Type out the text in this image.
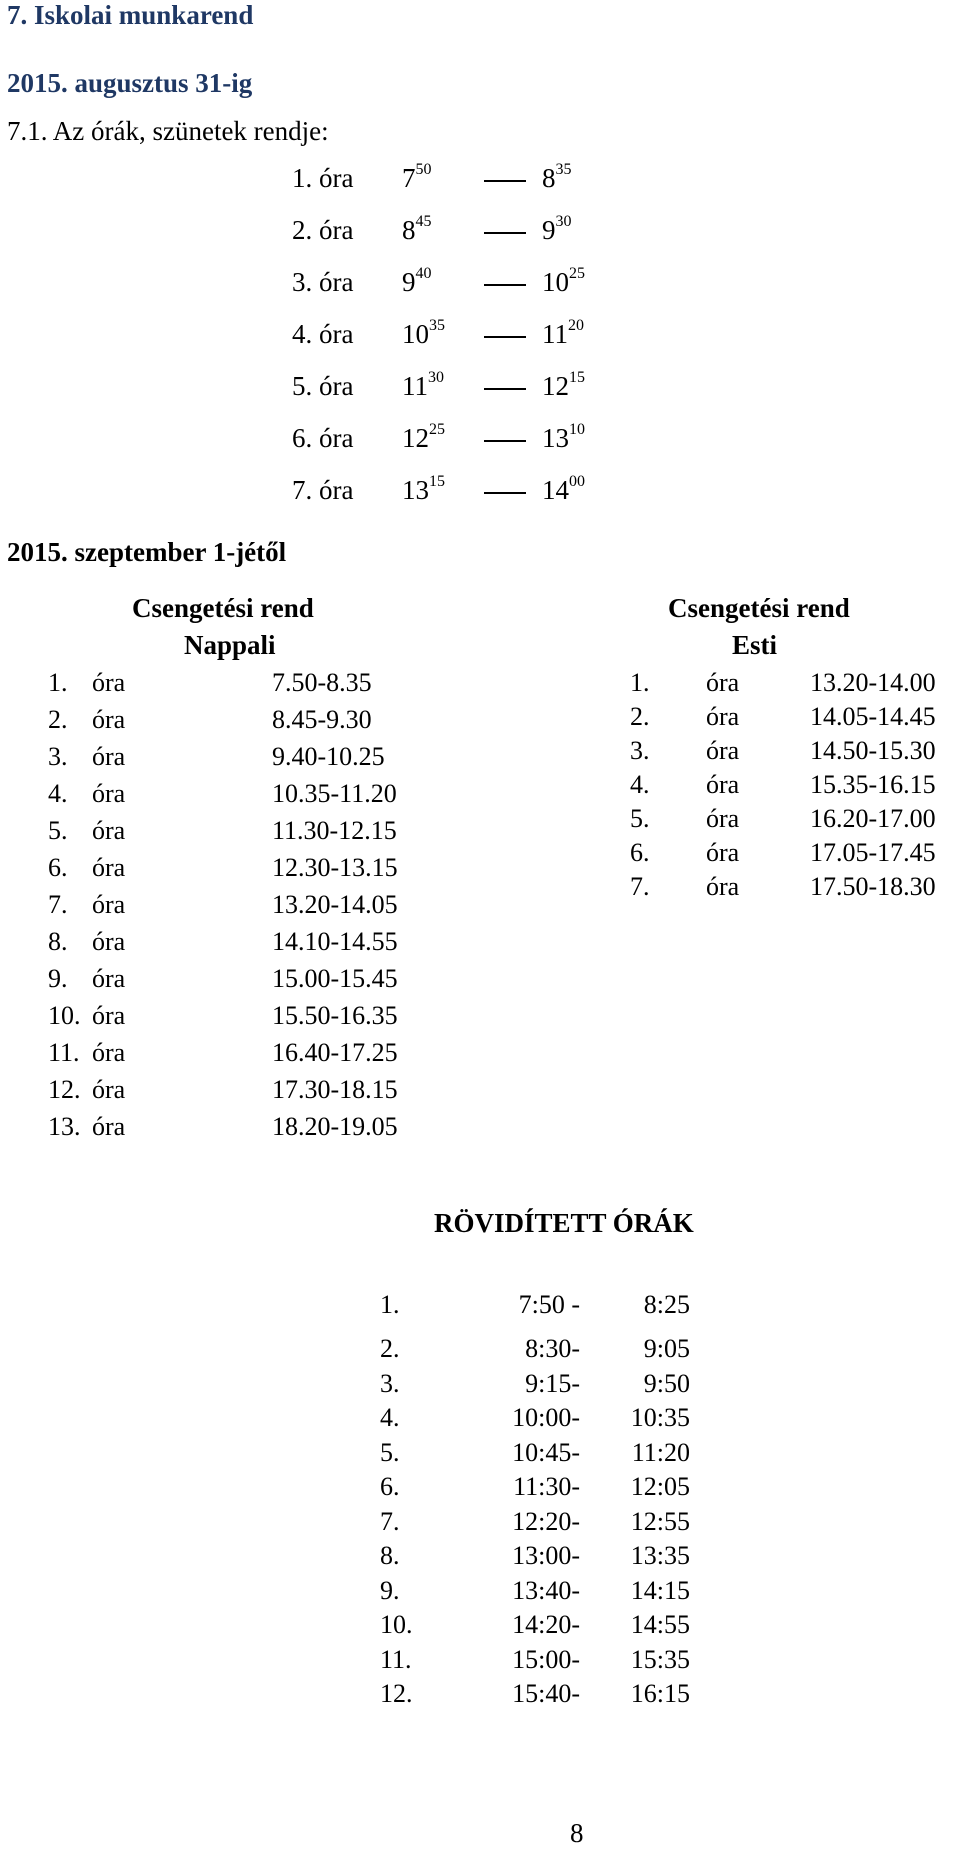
7. Iskolai munkarend
2015. augusztus 31-ig
7.1. Az órák, szünetek rendje:
1. óra $7^{50}$	$8^{35}$
2. óra $8^{45}$	$9^{30}$
3. óra $9^{40}$	$10^{25}$
4. óra $10^{35}$	$11^{20}$
5. óra $11^{30}$	$12^{15}$
6. óra $12^{25}$	$13^{10}$
7. óra $13^{15}$	$14^{00}$
2015. szeptember 1-jétől
Csengetési rend
Nappali
1. óra	7.50-8.35
2. óra	8.45-9.30
3. óra	9.40-10.25
4. óra	10.35-11.20
5. óra	11.30-12.15
6. óra	12.30-13.15
7. óra	13.20-14.05
8. óra	14.10-14.55
9. óra	15.00-15.45
10. óra	15.50-16.35
11. óra	16.40-17.25
12. óra	17.30-18.15
13. óra	18.20-19.05
Csengetési rend
Esti
1. óra	13.20-14.00
2. óra	14.05-14.45
3. óra	14.50-15.30
4. óra	15.35-16.15
5. óra	16.20-17.00
6. óra	17.05-17.45
7. óra	17.50-18.30
RÖVIDÍTETT ÓRÁK
1.	7:50 - 8:25
2.	8:30- 9:05
3.	9:15- 9:50
4.	10:00- 10:35
5.	10:45- 11:20
6.	11:30- 12:05
7.	12:20- 12:55
8.	13:00- 13:35
9.	13:40- 14:15
10.	14:20- 14:55
11.	15:00- 15:35
12.	15:40- 16:15
8
